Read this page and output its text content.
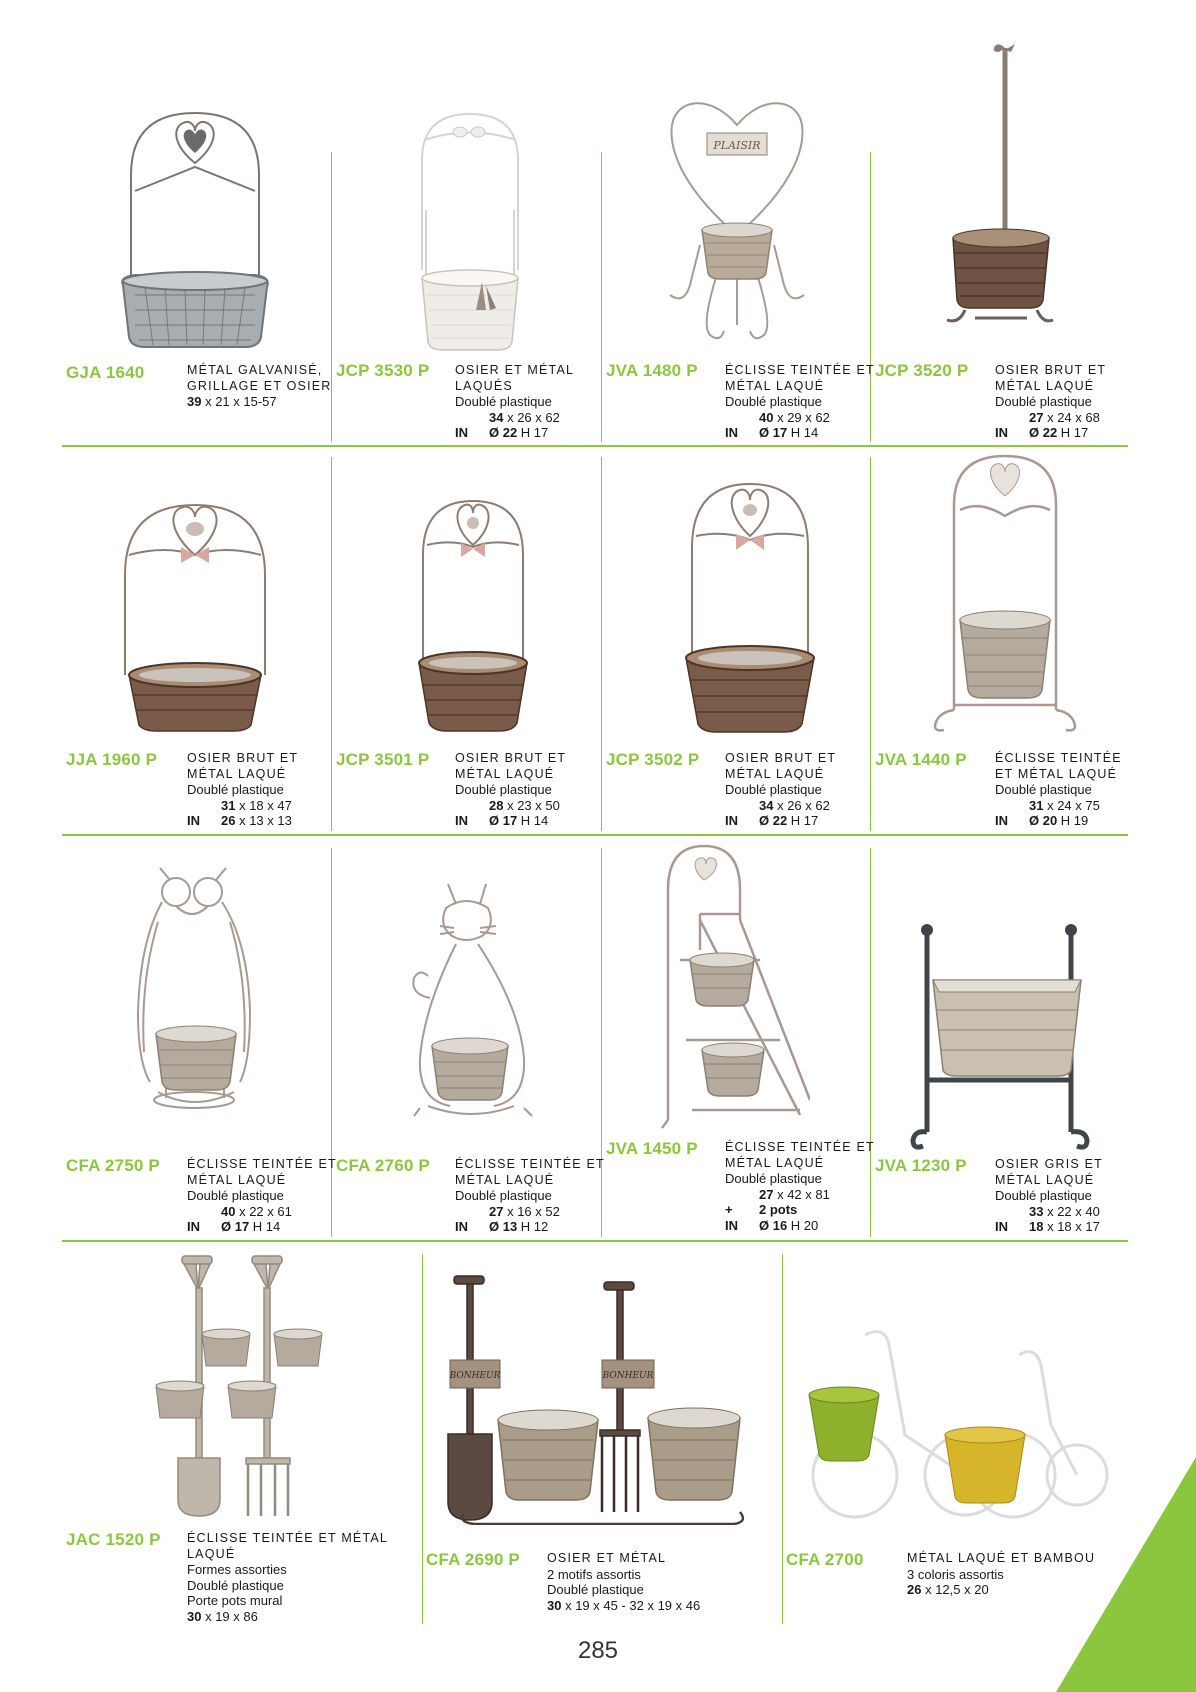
PLAISIR
BONHEUR	BONHEUR
GJA 1640	MÉTAL GALVANISÉ,
GRILLAGE ET OSIER
39 x 21 x 15-57
JCP 3530 P OSIER ET MÉTAL
LAQUÉS
Doublé plastique
34 x 26 x 62
IN Ø 22 H 17
JVA 1480 P ÉCLISSE TEINTÉE ET
MÉTAL LAQUÉ
Doublé plastique
40 x 29 x 62
IN Ø 17 H 14
JCP 3520 P OSIER BRUT ET
MÉTAL LAQUÉ
Doublé plastique
27 x 24 x 68
IN Ø 22 H 17
JJA 1960 P OSIER BRUT ET
MÉTAL LAQUÉ
Doublé plastique
31 x 18 x 47
IN 26 x 13 x 13
JCP 3501 P OSIER BRUT ET
MÉTAL LAQUÉ
Doublé plastique
28 x 23 x 50
IN Ø 17 H 14
JCP 3502 P OSIER BRUT ET
MÉTAL LAQUÉ
Doublé plastique
34 x 26 x 62
IN Ø 22 H 17
JVA 1440 P ÉCLISSE TEINTÉE
ET MÉTAL LAQUÉ
Doublé plastique
31 x 24 x 75
IN Ø 20 H 19
CFA 2750 P ÉCLISSE TEINTÉE ET
MÉTAL LAQUÉ
Doublé plastique
40 x 22 x 61
IN Ø 17 H 14
CFA 2760 P ÉCLISSE TEINTÉE ET
MÉTAL LAQUÉ
Doublé plastique
27 x 16 x 52
IN Ø 13 H 12
JVA 1450 P ÉCLISSE TEINTÉE ET
MÉTAL LAQUÉ
Doublé plastique
27 x 42 x 81
+ 2 pots
IN Ø 16 H 20
JVA 1230 P OSIER GRIS ET
MÉTAL LAQUÉ
Doublé plastique
33 x 22 x 40
IN 18 x 18 x 17
JAC 1520 P ÉCLISSE TEINTÉE ET MÉTAL
LAQUÉ
Formes assorties
Doublé plastique
Porte pots mural
30 x 19 x 86
CFA 2690 P OSIER ET MÉTAL
2 motifs assortis
Doublé plastique
30 x 19 x 45 - 32 x 19 x 46
CFA 2700	MÉTAL LAQUÉ ET BAMBOU
3 coloris assortis
26 x 12,5 x 20
285
